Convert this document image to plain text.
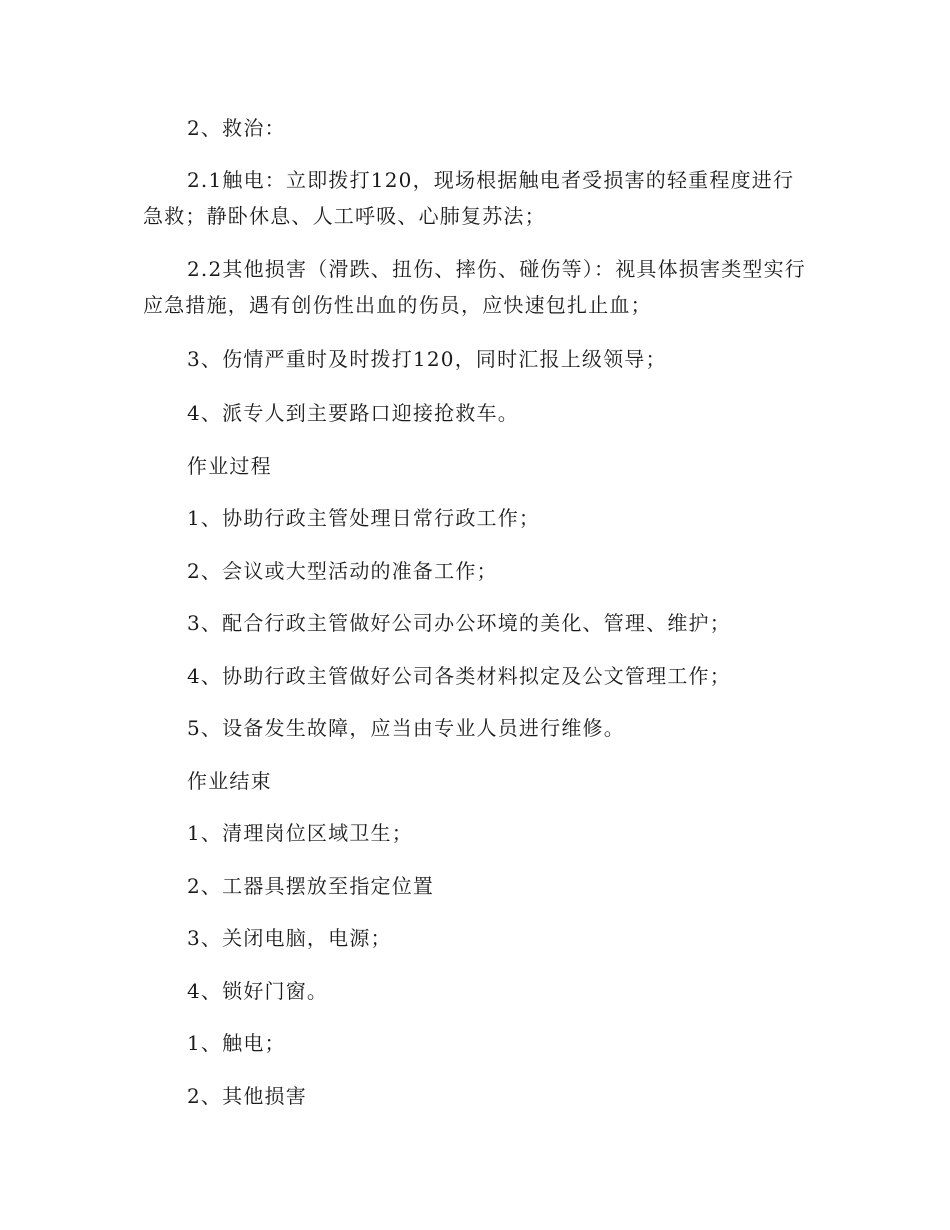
2、救治：
2.1触电：立即拨打120，现场根据触电者受损害的轻重程度进行急救；静卧休息、人工呼吸、心肺复苏法；
2.2其他损害（滑跌、扭伤、摔伤、碰伤等）：视具体损害类型实行应急措施，遇有创伤性出血的伤员，应快速包扎止血；
3、伤情严重时及时拨打120，同时汇报上级领导；
4、派专人到主要路口迎接抢救车。
作业过程
1、协助行政主管处理日常行政工作；
2、会议或大型活动的准备工作；
3、配合行政主管做好公司办公环境的美化、管理、维护；
4、协助行政主管做好公司各类材料拟定及公文管理工作；
5、设备发生故障，应当由专业人员进行维修。
作业结束
1、清理岗位区域卫生；
2、工器具摆放至指定位置
3、关闭电脑，电源；
4、锁好门窗。
1、触电；
2、其他损害
